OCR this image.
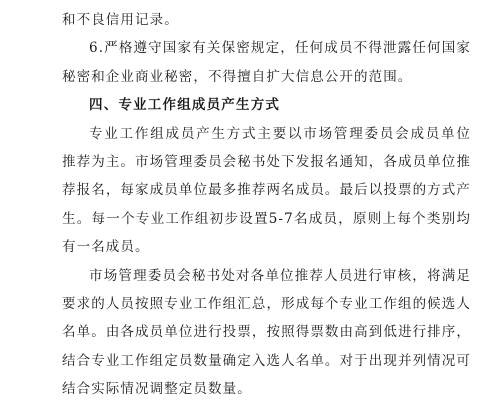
和不良信用记录。
6.严格遵守国家有关保密规定，任何成员不得泄露任何国家
秘密和企业商业秘密，不得擅自扩大信息公开的范围。
四、专业工作组成员产生方式
专业工作组成员产生方式主要以市场管理委员会成员单位
推荐为主。市场管理委员会秘书处下发报名通知，各成员单位推
荐报名，每家成员单位最多推荐两名成员。最后以投票的方式产
生。每一个专业工作组初步设置5-7名成员，原则上每个类别均
有一名成员。
市场管理委员会秘书处对各单位推荐人员进行审核，将满足
要求的人员按照专业工作组汇总，形成每个专业工作组的候选人
名单。由各成员单位进行投票，按照得票数由高到低进行排序，
结合专业工作组定员数量确定入选人名单。对于出现并列情况可
结合实际情况调整定员数量。
